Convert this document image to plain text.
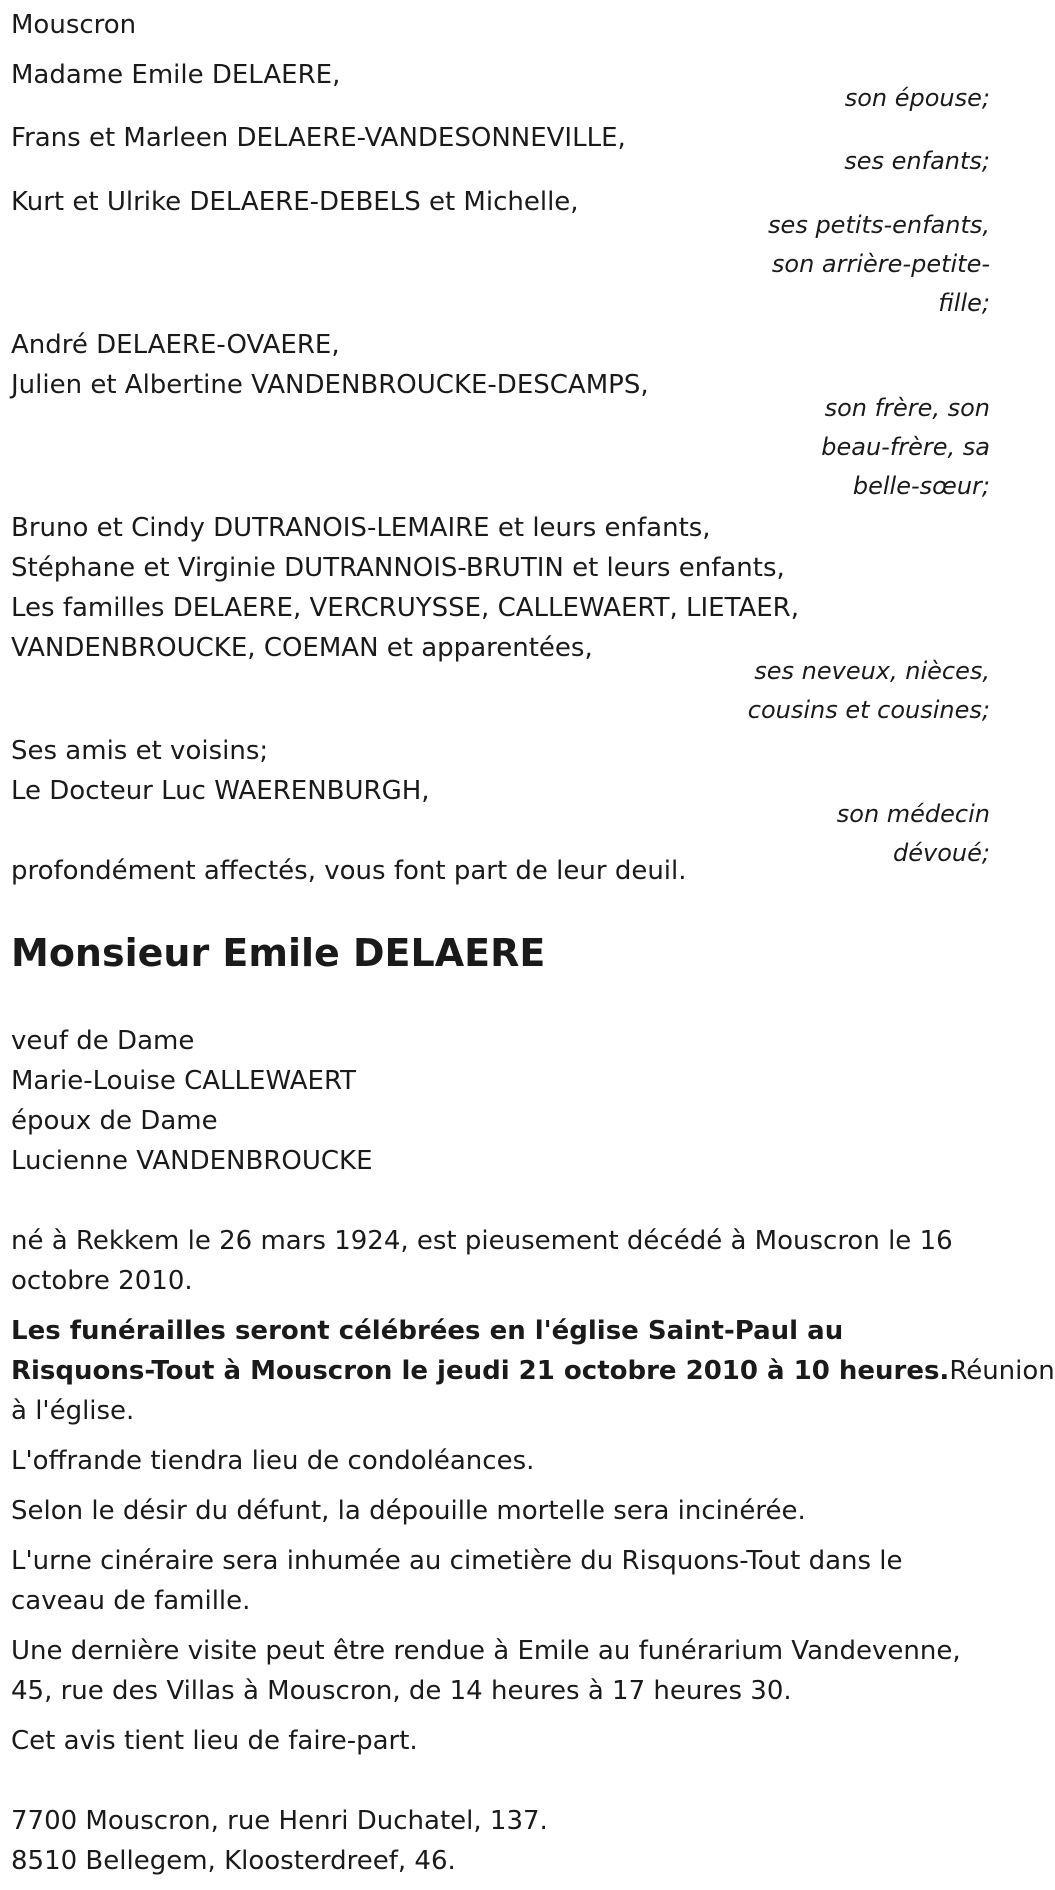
Mouscron
Madame Emile DELAERE,
son épouse;
Frans et Marleen DELAERE-VANDESONNEVILLE,
ses enfants;
Kurt et Ulrike DELAERE-DEBELS et Michelle,
ses petits-enfants,
son arrière-petite-
fille;
André DELAERE-OVAERE,
Julien et Albertine VANDENBROUCKE-DESCAMPS,
son frère, son
beau-frère, sa
belle-sœur;
Bruno et Cindy DUTRANOIS-LEMAIRE et leurs enfants,
Stéphane et Virginie DUTRANNOIS-BRUTIN et leurs enfants,
Les familles DELAERE, VERCRUYSSE, CALLEWAERT, LIETAER,
VANDENBROUCKE, COEMAN et apparentées,
ses neveux, nièces,
cousins et cousines;
Ses amis et voisins;
Le Docteur Luc WAERENBURGH,
son médecin
dévoué;
profondément affectés, vous font part de leur deuil.
Monsieur Emile DELAERE
veuf de Dame
Marie-Louise CALLEWAERT
époux de Dame
Lucienne VANDENBROUCKE
né à Rekkem le 26 mars 1924, est pieusement décédé à Mouscron le 16
octobre 2010.
Les funérailles seront célébrées en l'église Saint-Paul au
Risquons-Tout à Mouscron le jeudi 21 octobre 2010 à 10 heures.Réunion
à l'église.
L'offrande tiendra lieu de condoléances.
Selon le désir du défunt, la dépouille mortelle sera incinérée.
L'urne cinéraire sera inhumée au cimetière du Risquons-Tout dans le
caveau de famille.
Une dernière visite peut être rendue à Emile au funérarium Vandevenne,
45, rue des Villas à Mouscron, de 14 heures à 17 heures 30.
Cet avis tient lieu de faire-part.
7700 Mouscron, rue Henri Duchatel, 137.
8510 Bellegem, Kloosterdreef, 46.
